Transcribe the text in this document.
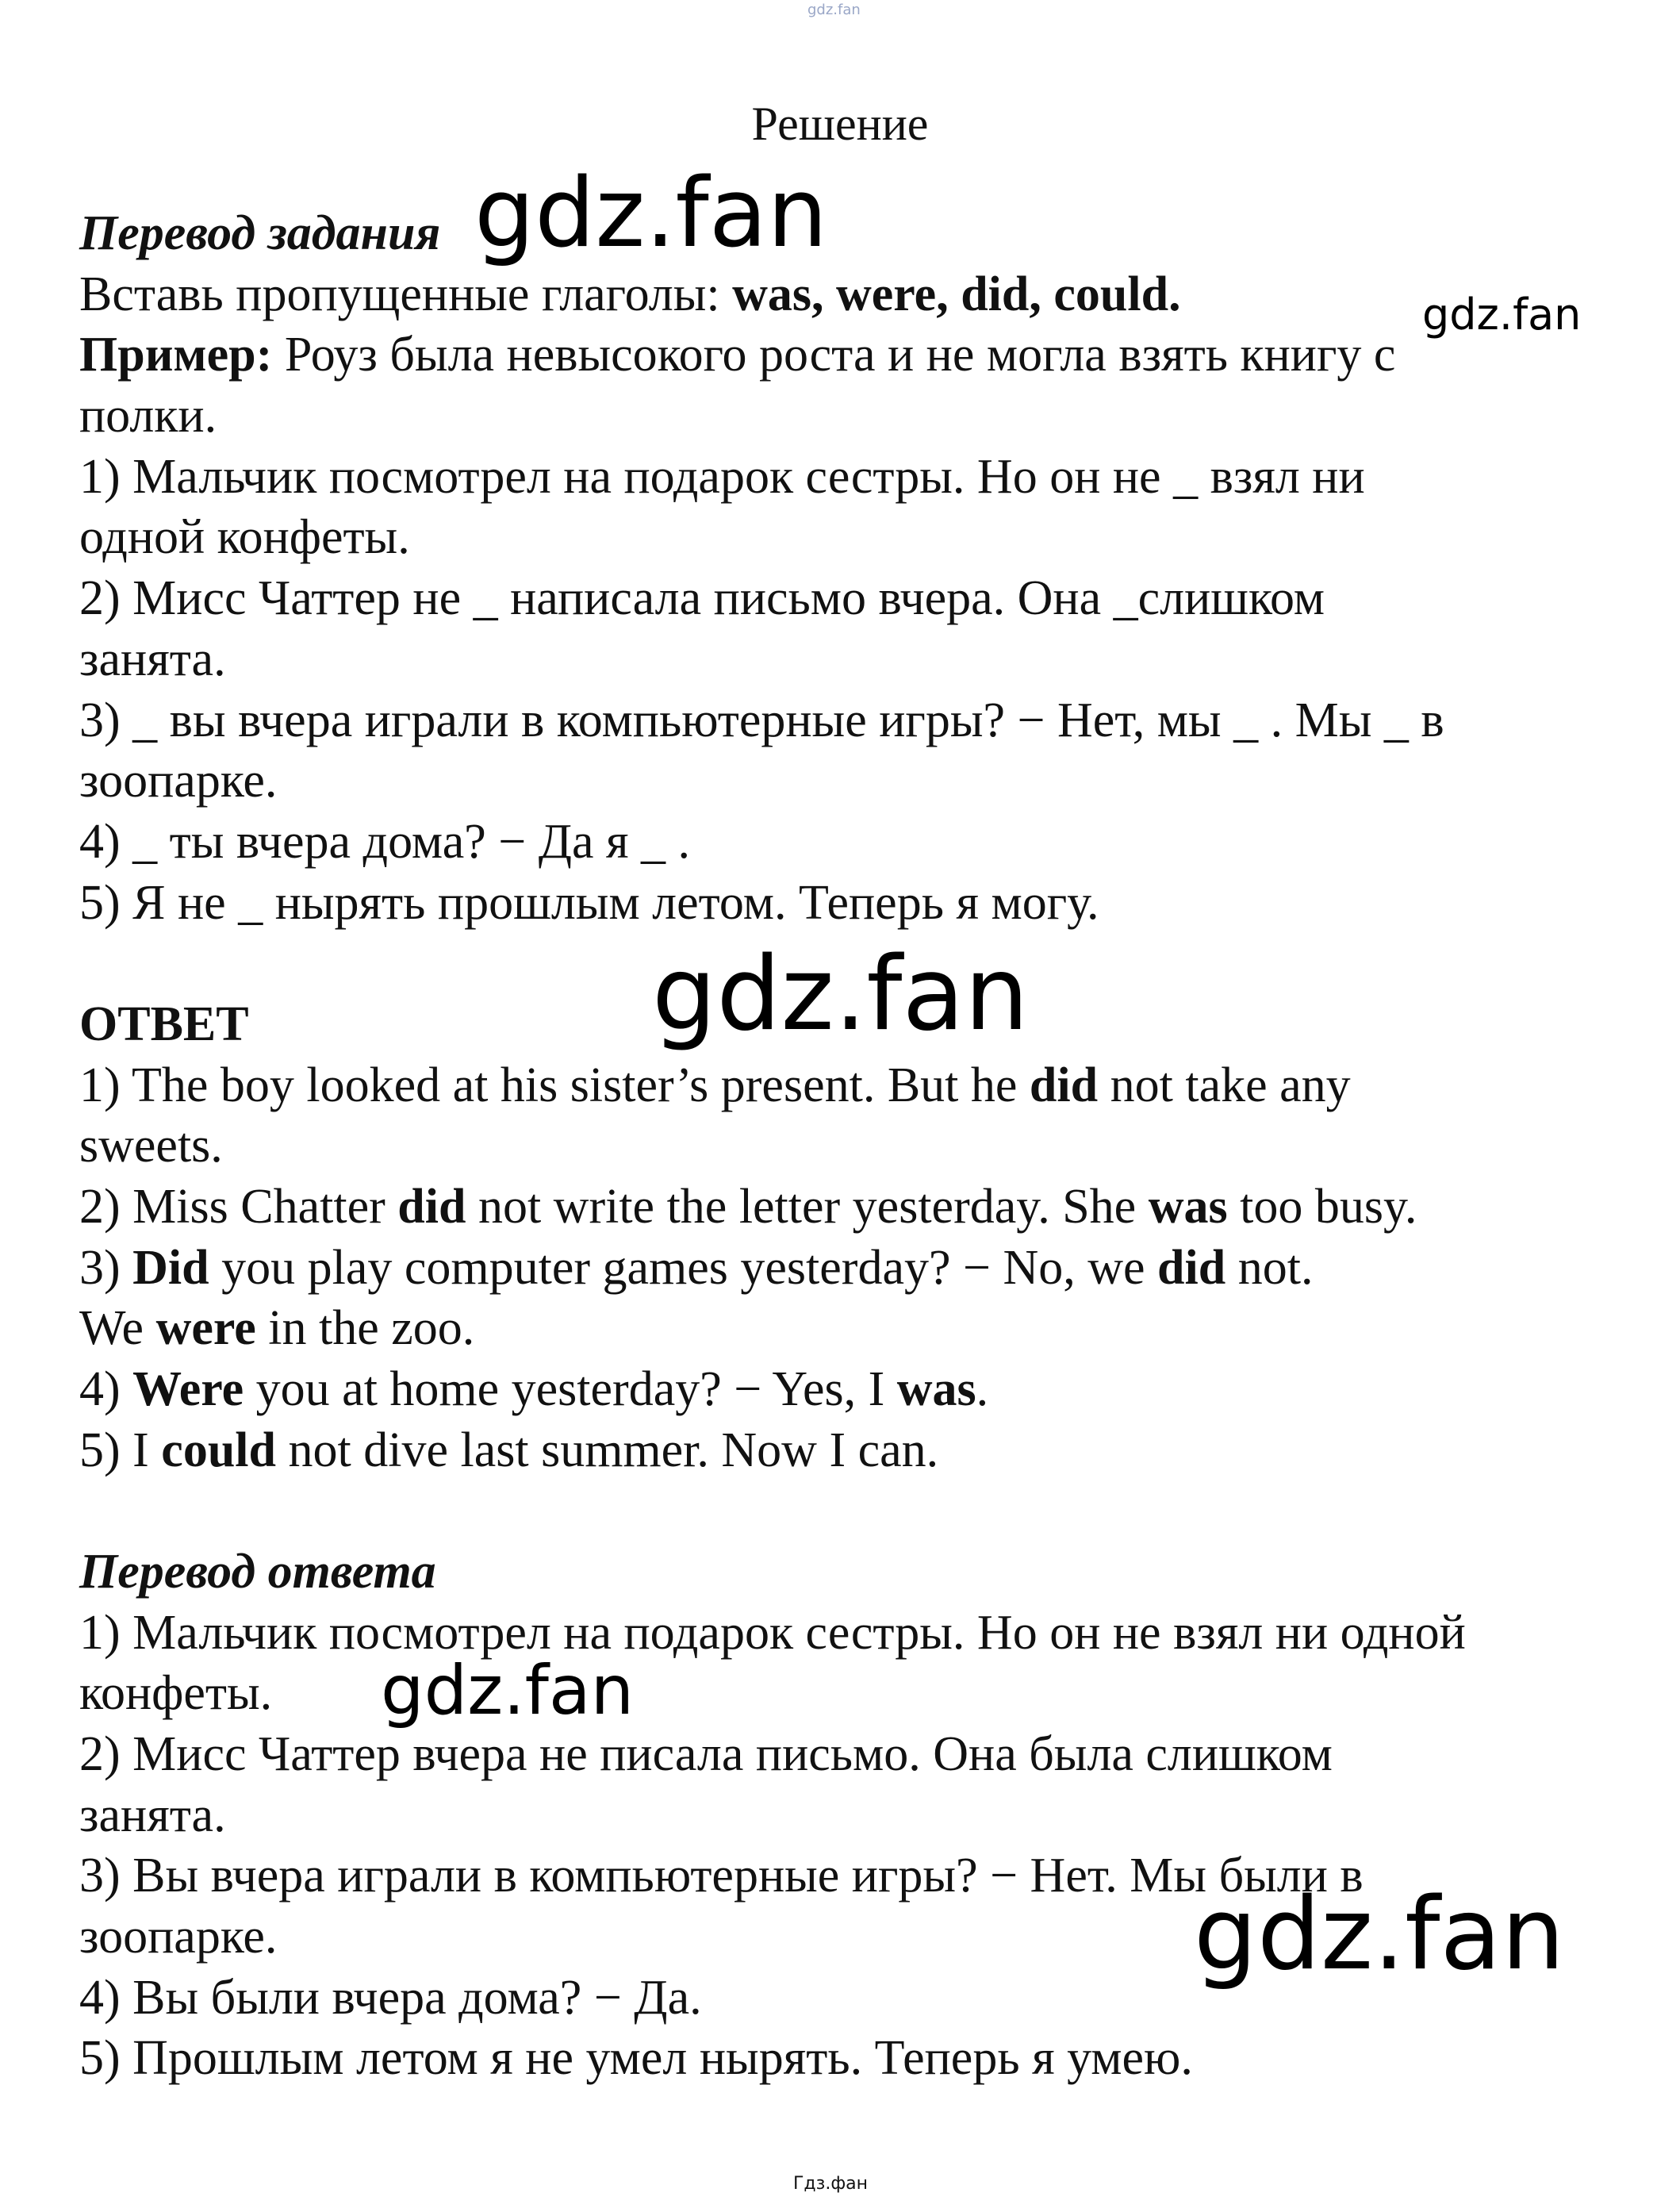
gdz.fan
Решение
Перевод задания
Вставь пропущенные глаголы: was, were, did, could.
Пример: Роуз была невысокого роста и не могла взять книгу с
полки.
1) Мальчик посмотрел на подарок сестры. Но он не _ взял ни
одной конфеты.
2) Мисс Чаттер не _ написала письмо вчера. Она _слишком
занята.
3) _ вы вчера играли в компьютерные игры? − Нет, мы _ . Мы _ в
зоопарке.
4) _ ты вчера дома? − Да я _ .
5) Я не _ нырять прошлым летом. Теперь я могу.
ОТВЕТ
1) The boy looked at his sister’s present. But he did not take any
sweets.
2) Miss Chatter did not write the letter yesterday. She was too busy.
3) Did you play computer games yesterday? − No, we did not.
We were in the zoo.
4) Were you at home yesterday? − Yes, I was.
5) I could not dive last summer. Now I can.
Перевод ответа
1) Мальчик посмотрел на подарок сестры. Но он не взял ни одной
конфеты.
2) Мисс Чаттер вчера не писала письмо. Она была слишком
занята.
3) Вы вчера играли в компьютерные игры? − Нет. Мы были в
зоопарке.
4) Вы были вчера дома? − Да.
5) Прошлым летом я не умел нырять. Теперь я умею.
gdz.fan
gdz.fan
gdz.fan
gdz.fan
gdz.fan
Гдз.фан
